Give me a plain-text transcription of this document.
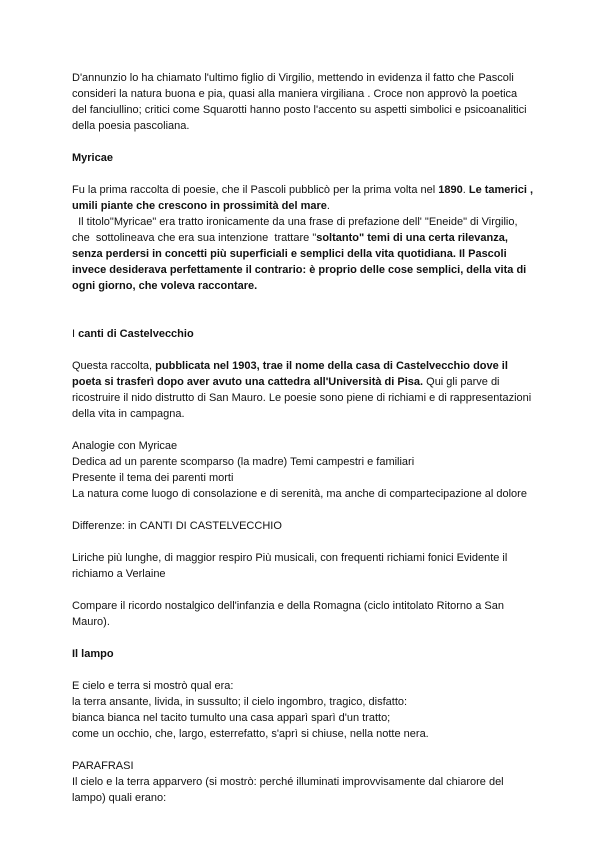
D'annunzio lo ha chiamato l'ultimo figlio di Virgilio, mettendo in evidenza il fatto che Pascoli consideri la natura buona e pia, quasi alla maniera virgiliana . Croce non approvò la poetica del fanciullino; critici come Squarotti hanno posto l'accento su aspetti simbolici e psicoanalitici della poesia pascoliana.

Myricae

Fu la prima raccolta di poesie, che il Pascoli pubblicò per la prima volta nel 1890. Le tamerici , umili piante che crescono in prossimità del mare.

Il titolo"Myricae" era tratto ironicamente da una frase di prefazione dell' "Eneide" di Virgilio, che  sottolineava che era sua intenzione  trattare "soltanto" temi di una certa rilevanza, senza perdersi in concetti più superficiali e semplici della vita quotidiana. Il Pascoli invece desiderava perfettamente il contrario: è proprio delle cose semplici, della vita di ogni giorno, che voleva raccontare.

I canti di Castelvecchio

Questa raccolta, pubblicata nel 1903, trae il nome della casa di Castelvecchio dove il poeta si trasferì dopo aver avuto una cattedra all'Università di Pisa. Qui gli parve di ricostruire il nido distrutto di San Mauro. Le poesie sono piene di richiami e di rappresentazioni della vita in campagna.

Analogie con Myricae
Dedica ad un parente scomparso (la madre) Temi campestri e familiari
Presente il tema dei parenti morti
La natura come luogo di consolazione e di serenità, ma anche di compartecipazione al dolore

Differenze: in CANTI DI CASTELVECCHIO

Liriche più lunghe, di maggior respiro Più musicali, con frequenti richiami fonici Evidente il richiamo a Verlaine

Compare il ricordo nostalgico dell'infanzia e della Romagna (ciclo intitolato Ritorno a San Mauro).

Il lampo

E cielo e terra si mostrò qual era:
la terra ansante, livida, in sussulto; il cielo ingombro, tragico, disfatto:
bianca bianca nel tacito tumulto una casa apparì sparì d'un tratto;
come un occhio, che, largo, esterrefatto, s'aprì si chiuse, nella notte nera.

PARAFRASI

Il cielo e la terra apparvero (si mostrò: perché illuminati improvvisamente dal chiarore del lampo) quali erano:
